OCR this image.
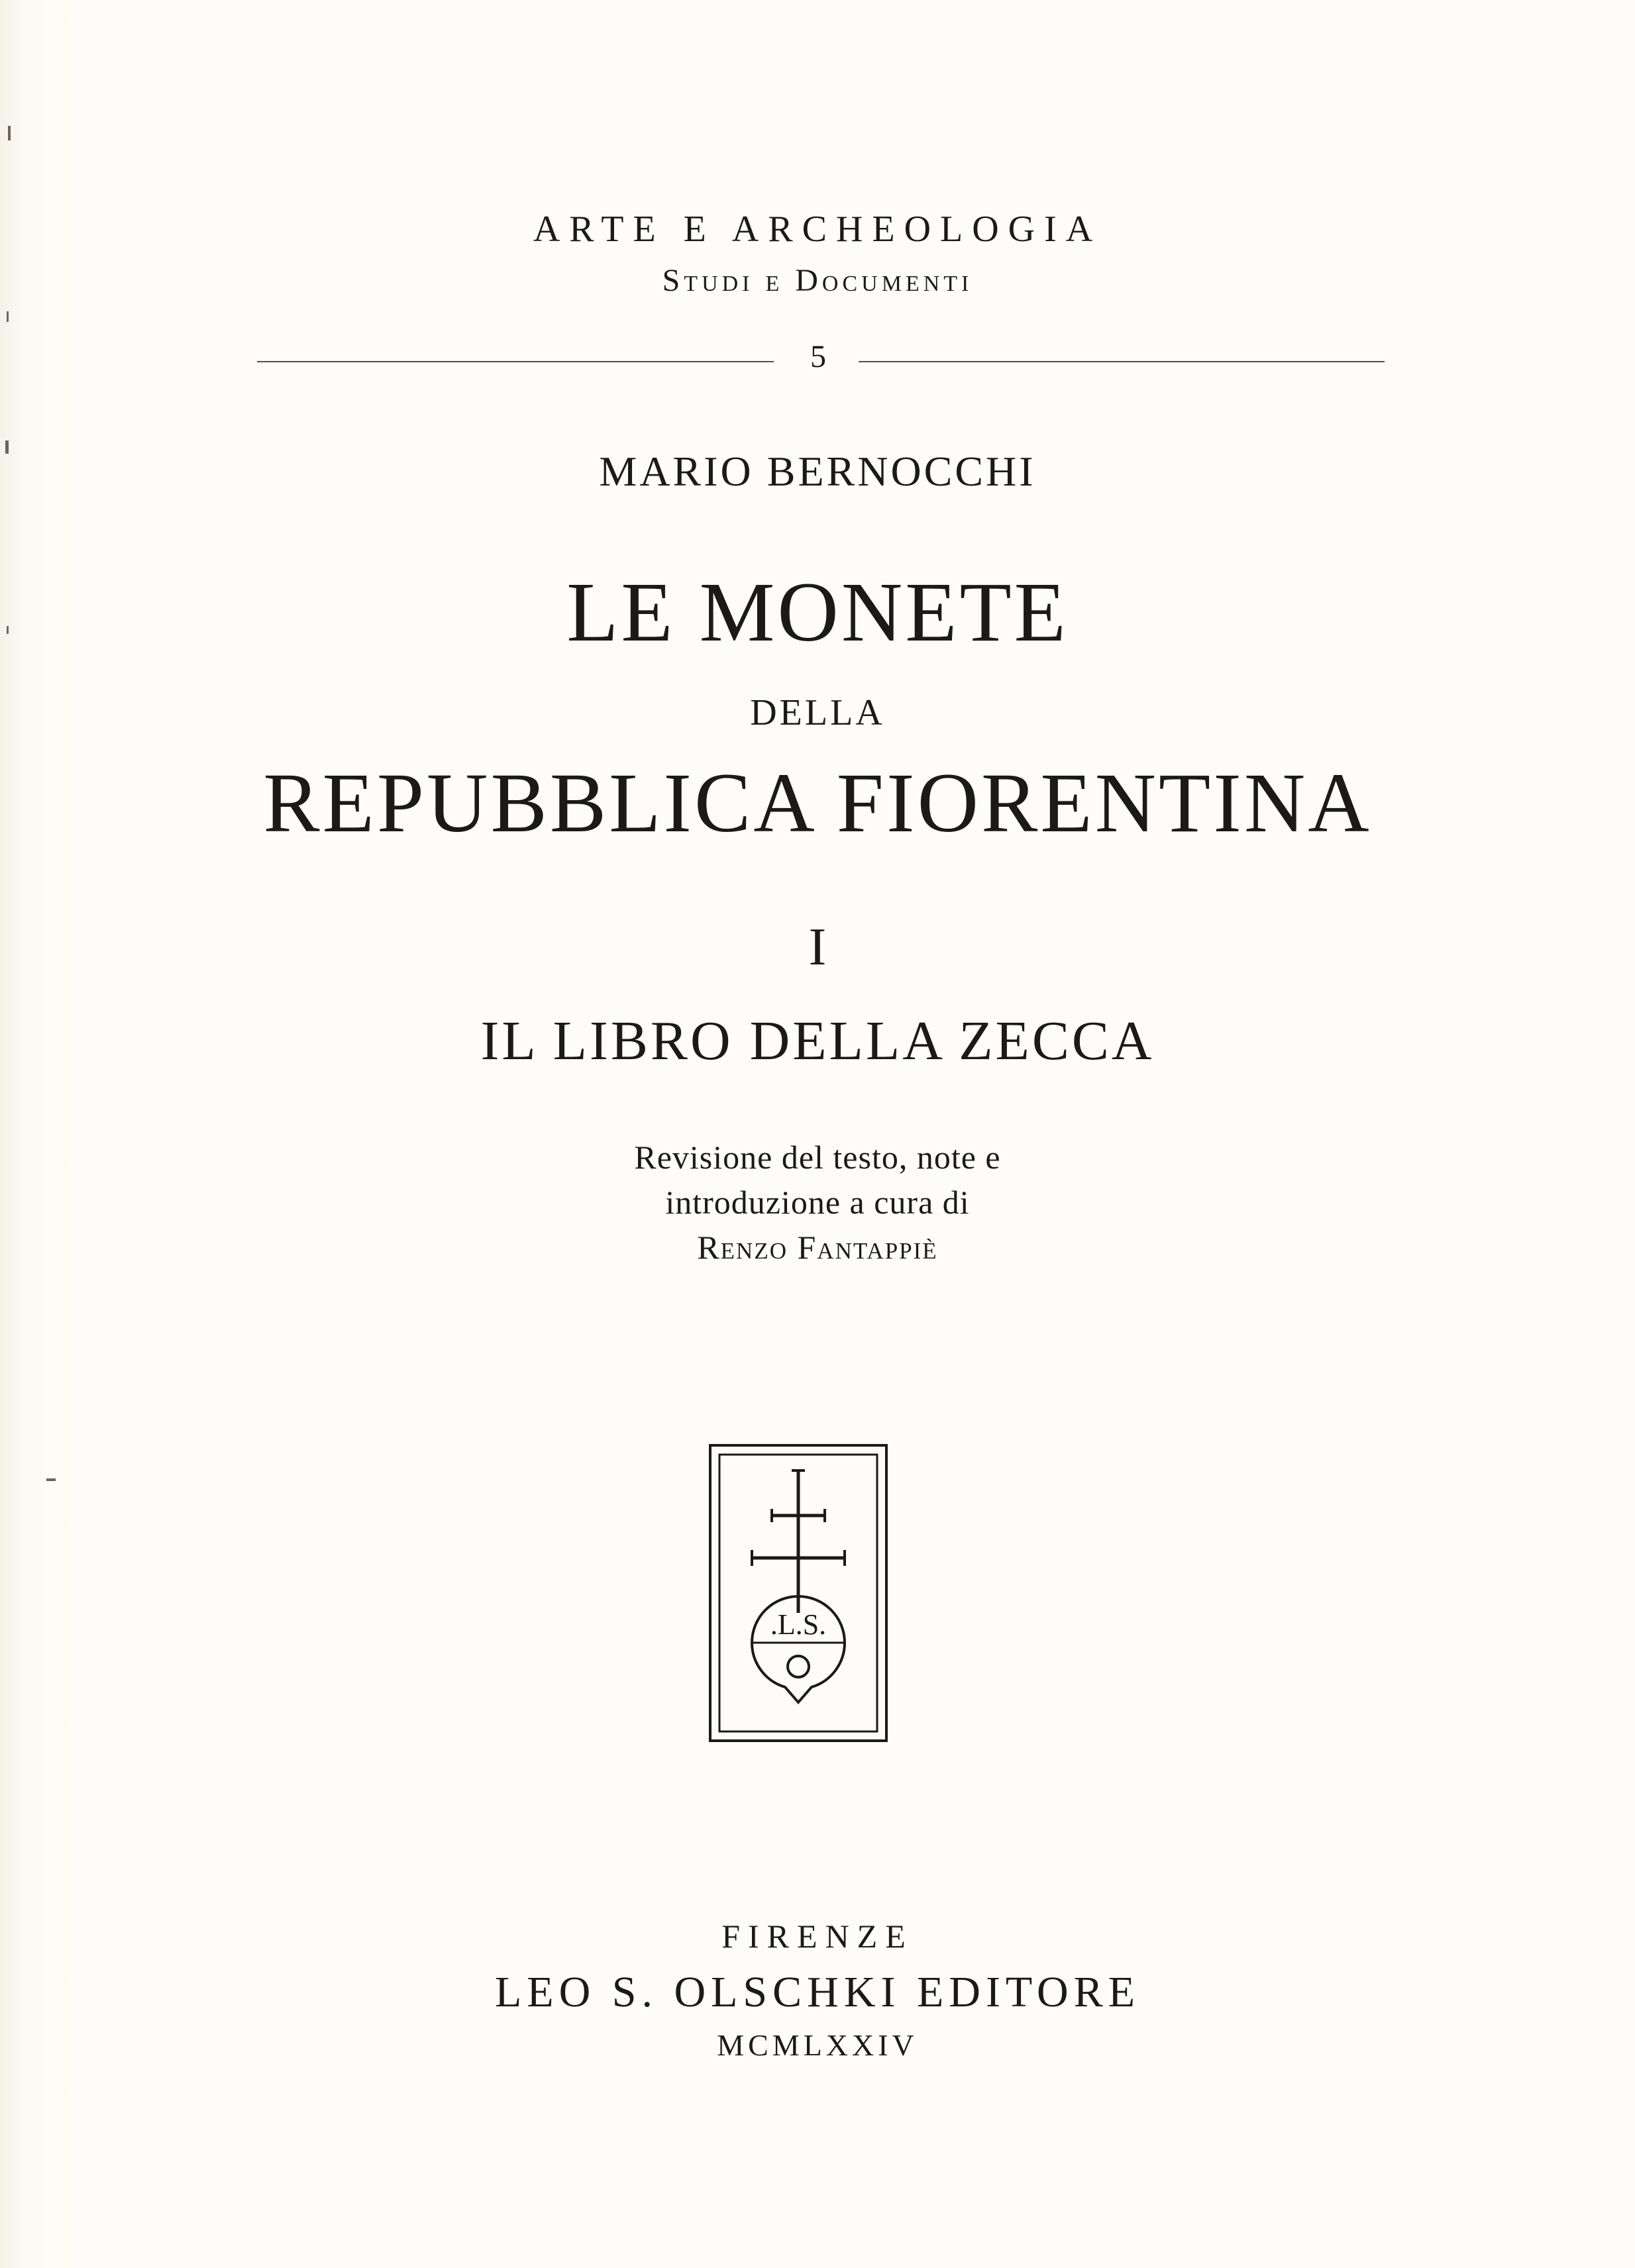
ARTE E ARCHEOLOGIA
Studi e Documenti
5
MARIO BERNOCCHI
LE MONETE
DELLA
REPUBBLICA FIORENTINA
I
IL LIBRO DELLA ZECCA
Revisione del testo, note e
introduzione a cura di
Renzo Fantappiè
.L.S.
FIRENZE
LEO S. OLSCHKI EDITORE
MCMLXXIV
